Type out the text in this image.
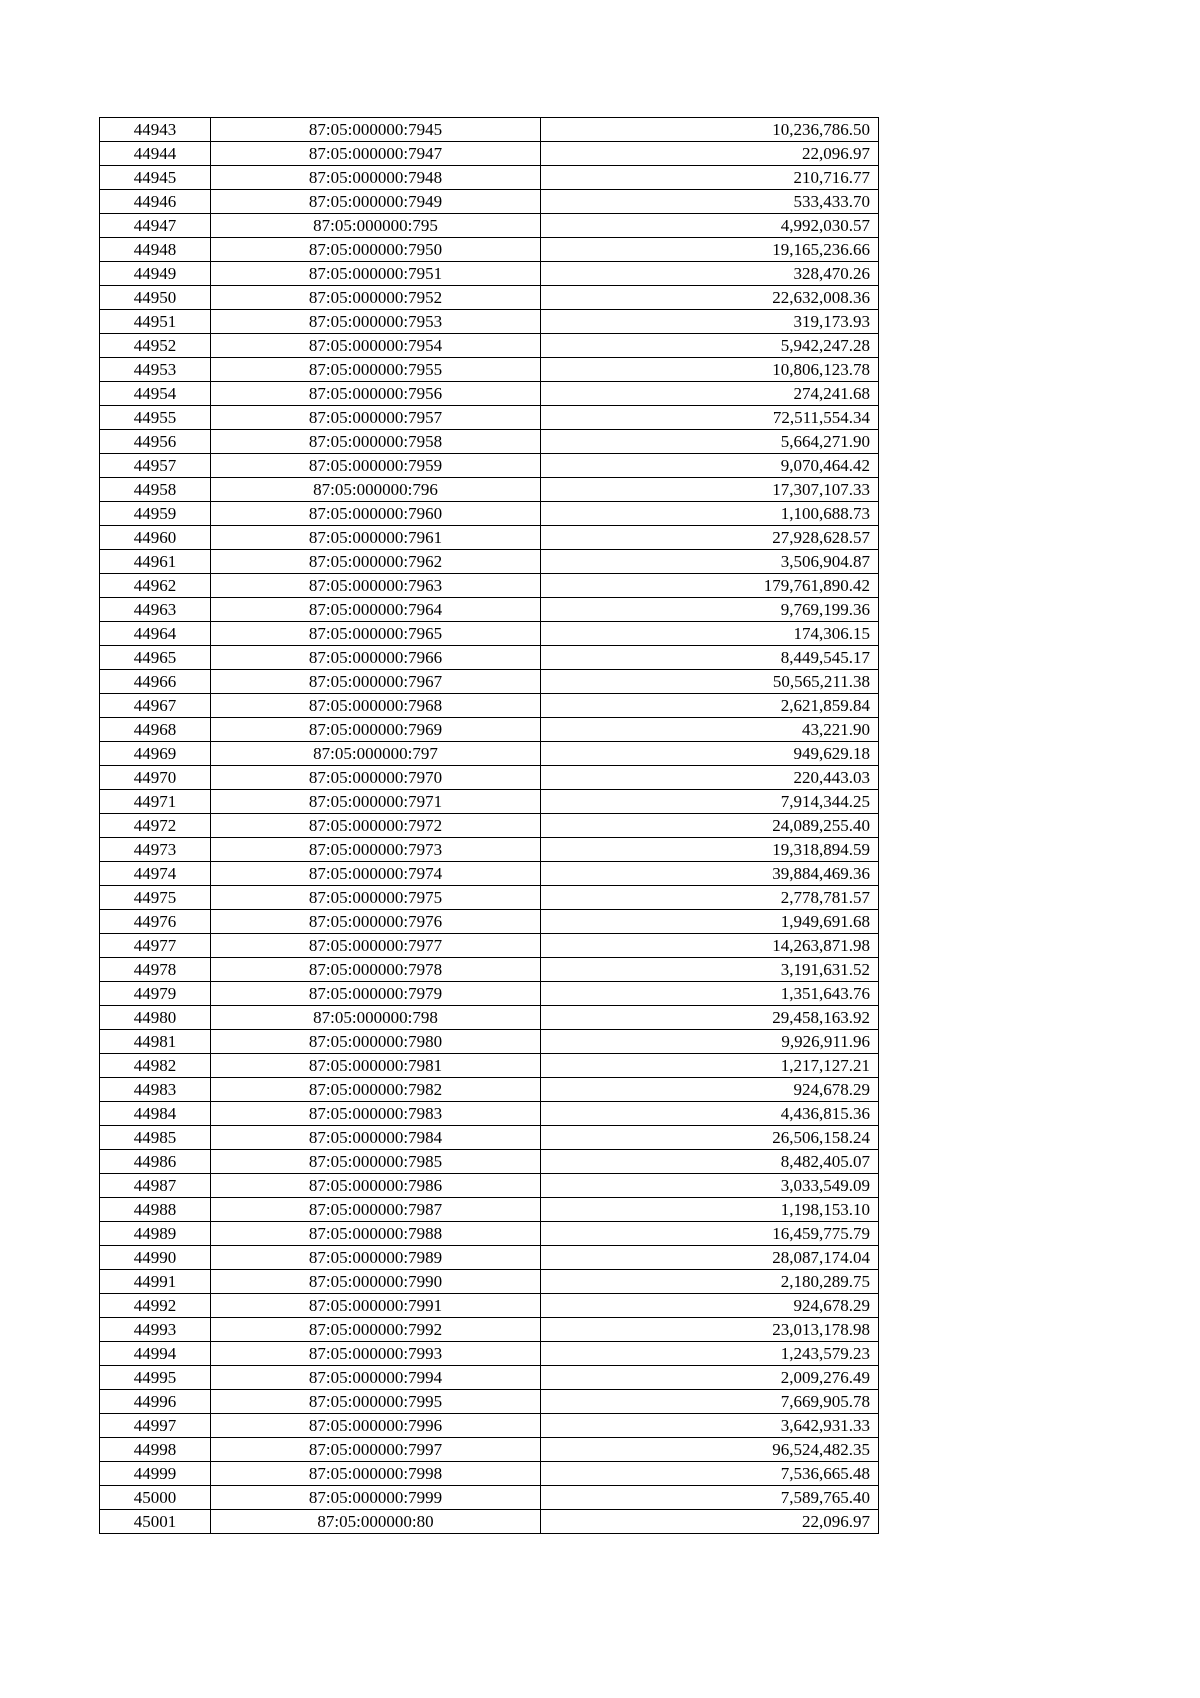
44943	87:05:000000:7945	10,236,786.50
44944	87:05:000000:7947	22,096.97
44945	87:05:000000:7948	210,716.77
44946	87:05:000000:7949	533,433.70
44947	87:05:000000:795	4,992,030.57
44948	87:05:000000:7950	19,165,236.66
44949	87:05:000000:7951	328,470.26
44950	87:05:000000:7952	22,632,008.36
44951	87:05:000000:7953	319,173.93
44952	87:05:000000:7954	5,942,247.28
44953	87:05:000000:7955	10,806,123.78
44954	87:05:000000:7956	274,241.68
44955	87:05:000000:7957	72,511,554.34
44956	87:05:000000:7958	5,664,271.90
44957	87:05:000000:7959	9,070,464.42
44958	87:05:000000:796	17,307,107.33
44959	87:05:000000:7960	1,100,688.73
44960	87:05:000000:7961	27,928,628.57
44961	87:05:000000:7962	3,506,904.87
44962	87:05:000000:7963	179,761,890.42
44963	87:05:000000:7964	9,769,199.36
44964	87:05:000000:7965	174,306.15
44965	87:05:000000:7966	8,449,545.17
44966	87:05:000000:7967	50,565,211.38
44967	87:05:000000:7968	2,621,859.84
44968	87:05:000000:7969	43,221.90
44969	87:05:000000:797	949,629.18
44970	87:05:000000:7970	220,443.03
44971	87:05:000000:7971	7,914,344.25
44972	87:05:000000:7972	24,089,255.40
44973	87:05:000000:7973	19,318,894.59
44974	87:05:000000:7974	39,884,469.36
44975	87:05:000000:7975	2,778,781.57
44976	87:05:000000:7976	1,949,691.68
44977	87:05:000000:7977	14,263,871.98
44978	87:05:000000:7978	3,191,631.52
44979	87:05:000000:7979	1,351,643.76
44980	87:05:000000:798	29,458,163.92
44981	87:05:000000:7980	9,926,911.96
44982	87:05:000000:7981	1,217,127.21
44983	87:05:000000:7982	924,678.29
44984	87:05:000000:7983	4,436,815.36
44985	87:05:000000:7984	26,506,158.24
44986	87:05:000000:7985	8,482,405.07
44987	87:05:000000:7986	3,033,549.09
44988	87:05:000000:7987	1,198,153.10
44989	87:05:000000:7988	16,459,775.79
44990	87:05:000000:7989	28,087,174.04
44991	87:05:000000:7990	2,180,289.75
44992	87:05:000000:7991	924,678.29
44993	87:05:000000:7992	23,013,178.98
44994	87:05:000000:7993	1,243,579.23
44995	87:05:000000:7994	2,009,276.49
44996	87:05:000000:7995	7,669,905.78
44997	87:05:000000:7996	3,642,931.33
44998	87:05:000000:7997	96,524,482.35
44999	87:05:000000:7998	7,536,665.48
45000	87:05:000000:7999	7,589,765.40
45001	87:05:000000:80	22,096.97
